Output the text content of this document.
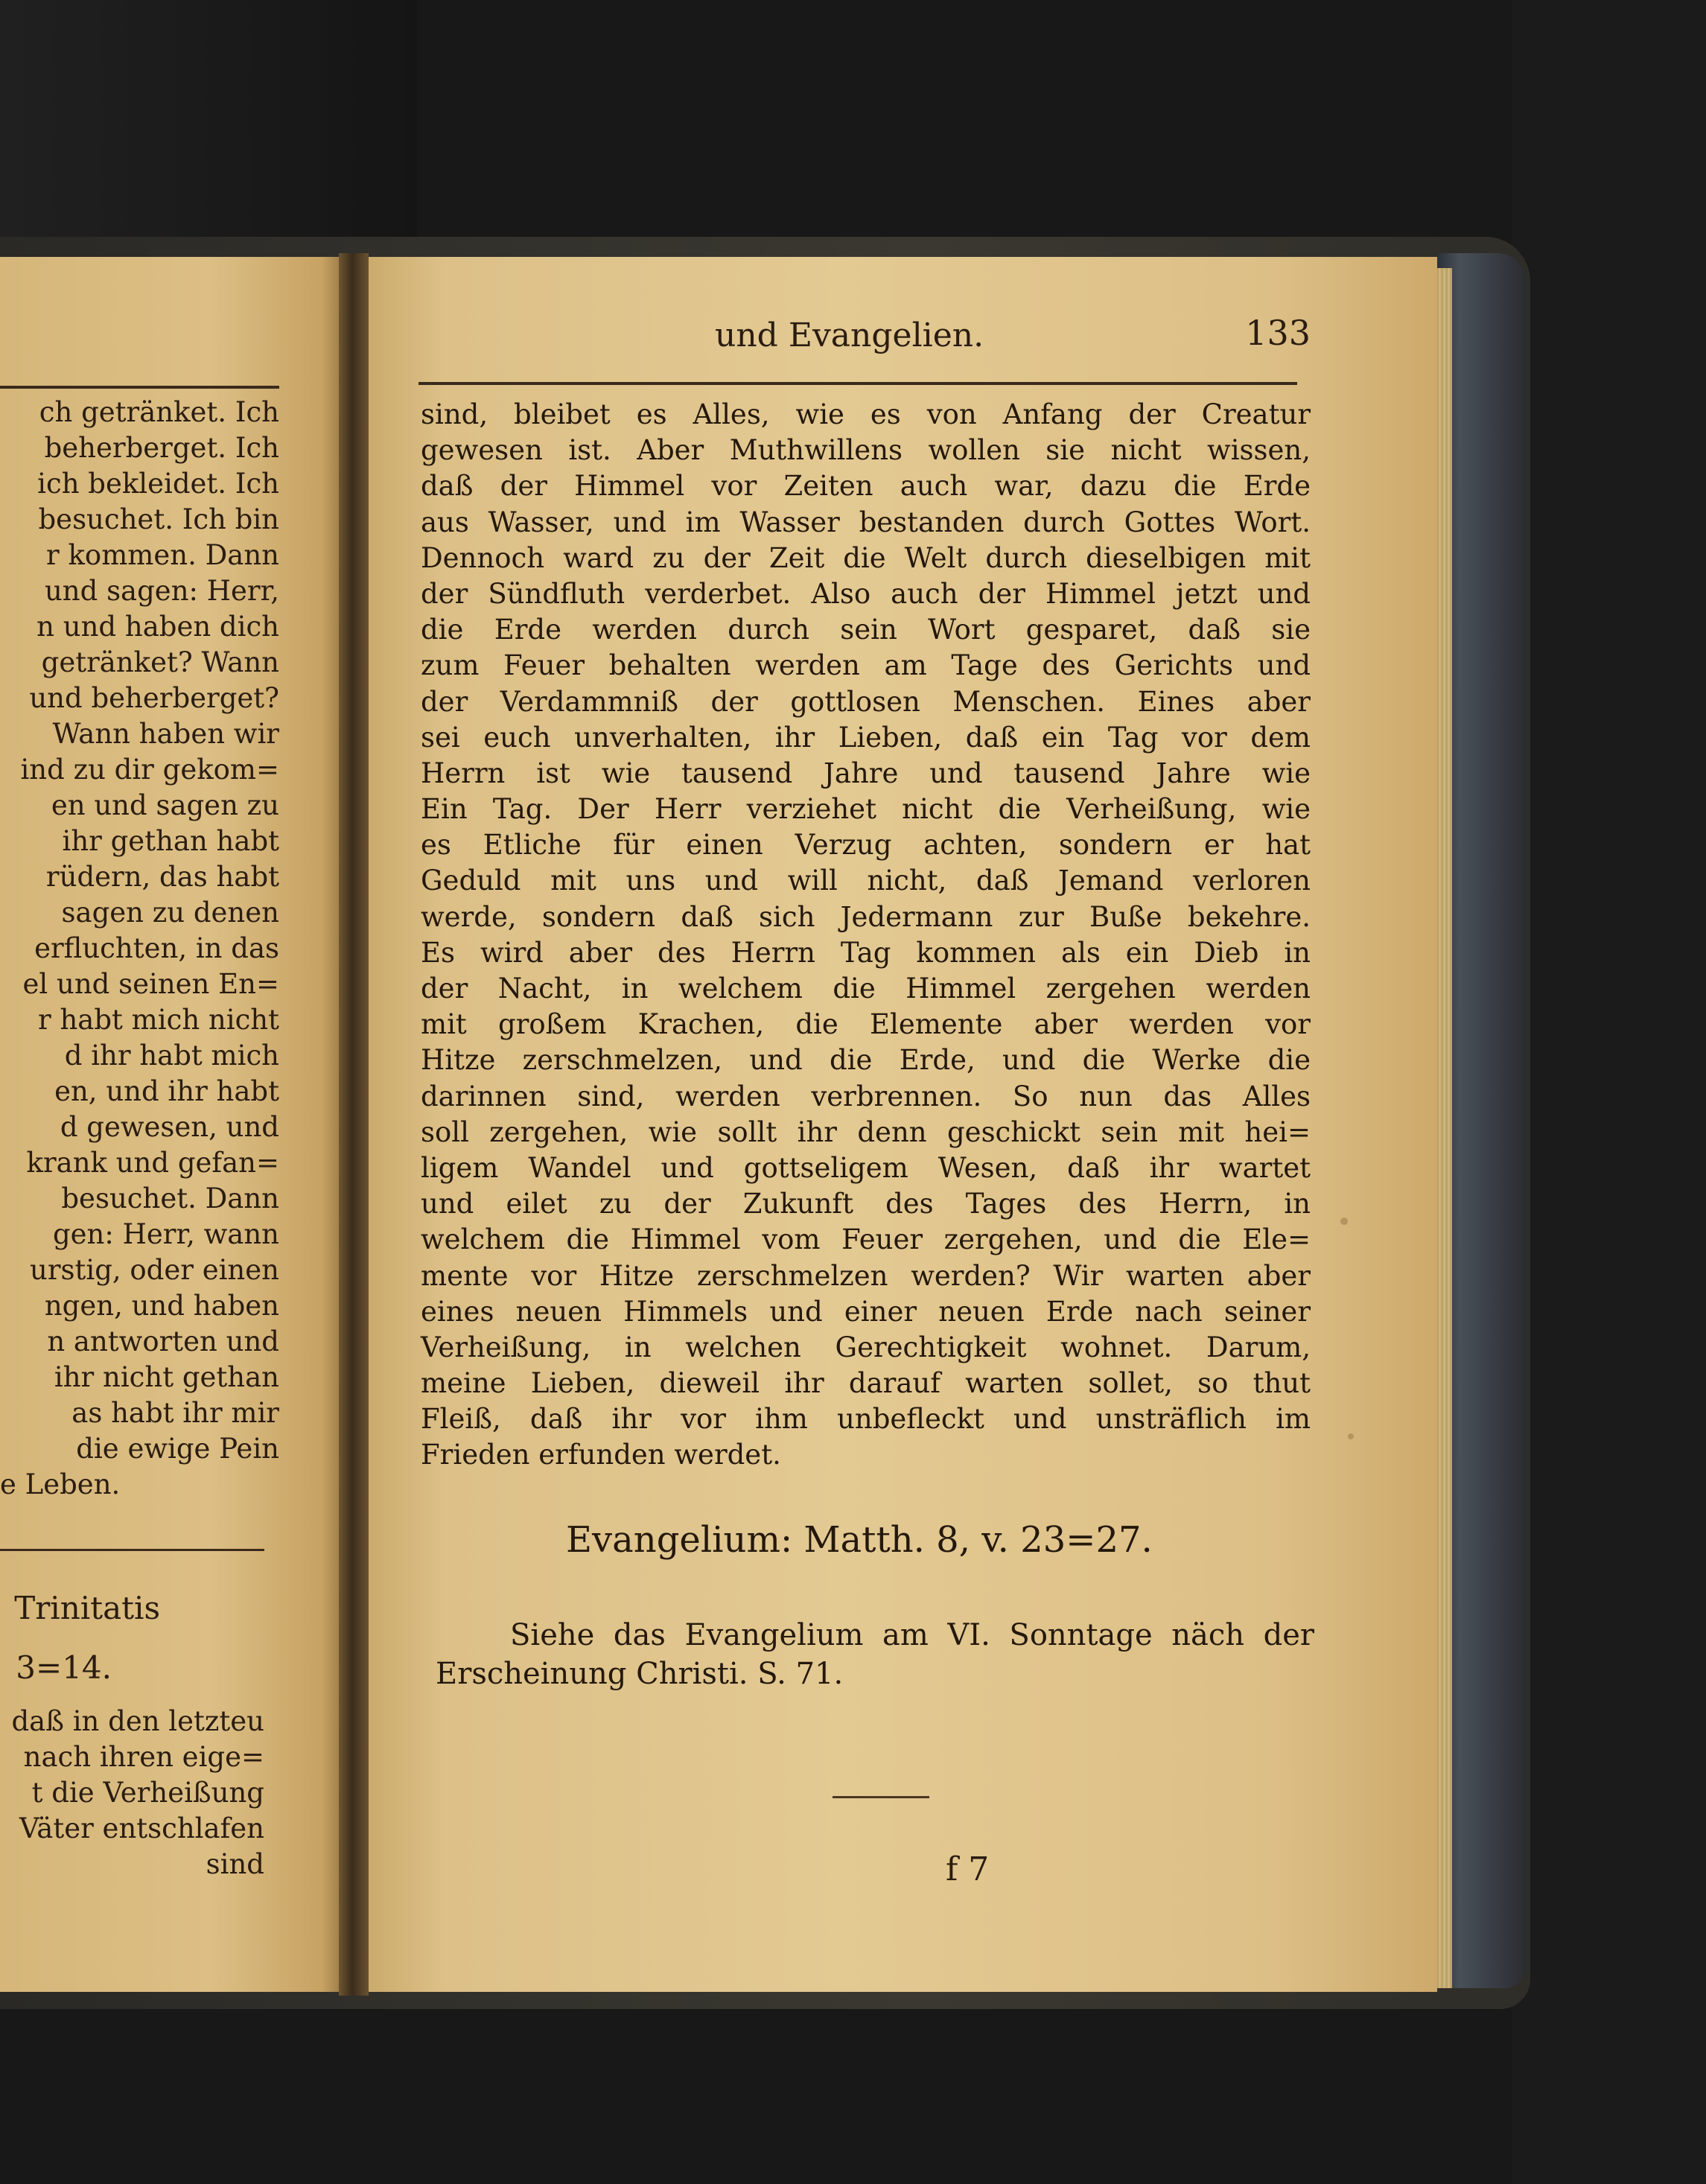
ch getränket. Ich
beherberget. Ich
ich bekleidet. Ich
besuchet. Ich bin
r kommen. Dann
und sagen: Herr,
n und haben dich
getränket? Wann
und beherberget?
Wann haben wir
ind zu dir gekom=
en und sagen zu
ihr gethan habt
rüdern, das habt
sagen zu denen
erfluchten, in das
el und seinen En=
r habt mich nicht
d ihr habt mich
en, und ihr habt
d gewesen, und
krank und gefan=
besuchet. Dann
gen: Herr, wann
urstig, oder einen
ngen, und haben
n antworten und
ihr nicht gethan
as habt ihr mir
die ewige Pein
e Leben.
Trinitatis
3=14.
daß in den letzteu
nach ihren eige=
t die Verheißung
Väter entschlafen
sind
und Evangelien.	133
sind, bleibet es Alles, wie es von Anfang der Creatur
gewesen ist. Aber Muthwillens wollen sie nicht wissen,
daß der Himmel vor Zeiten auch war, dazu die Erde
aus Wasser, und im Wasser bestanden durch Gottes Wort.
Dennoch ward zu der Zeit die Welt durch dieselbigen mit
der Sündfluth verderbet. Also auch der Himmel jetzt und
die Erde werden durch sein Wort gesparet, daß sie
zum Feuer behalten werden am Tage des Gerichts und
der Verdammniß der gottlosen Menschen. Eines aber
sei euch unverhalten, ihr Lieben, daß ein Tag vor dem
Herrn ist wie tausend Jahre und tausend Jahre wie
Ein Tag. Der Herr verziehet nicht die Verheißung, wie
es Etliche für einen Verzug achten, sondern er hat
Geduld mit uns und will nicht, daß Jemand verloren
werde, sondern daß sich Jedermann zur Buße bekehre.
Es wird aber des Herrn Tag kommen als ein Dieb in
der Nacht, in welchem die Himmel zergehen werden
mit großem Krachen, die Elemente aber werden vor
Hitze zerschmelzen, und die Erde, und die Werke die
darinnen sind, werden verbrennen. So nun das Alles
soll zergehen, wie sollt ihr denn geschickt sein mit hei=
ligem Wandel und gottseligem Wesen, daß ihr wartet
und eilet zu der Zukunft des Tages des Herrn, in
welchem die Himmel vom Feuer zergehen, und die Ele=
mente vor Hitze zerschmelzen werden? Wir warten aber
eines neuen Himmels und einer neuen Erde nach seiner
Verheißung, in welchen Gerechtigkeit wohnet. Darum,
meine Lieben, dieweil ihr darauf warten sollet, so thut
Fleiß, daß ihr vor ihm unbefleckt und unsträflich im
Frieden erfunden werdet.
Evangelium: Matth. 8, v. 23=27.
Siehe das Evangelium am VI. Sonntage näch der
Erscheinung Christi. S. 71.
f 7
